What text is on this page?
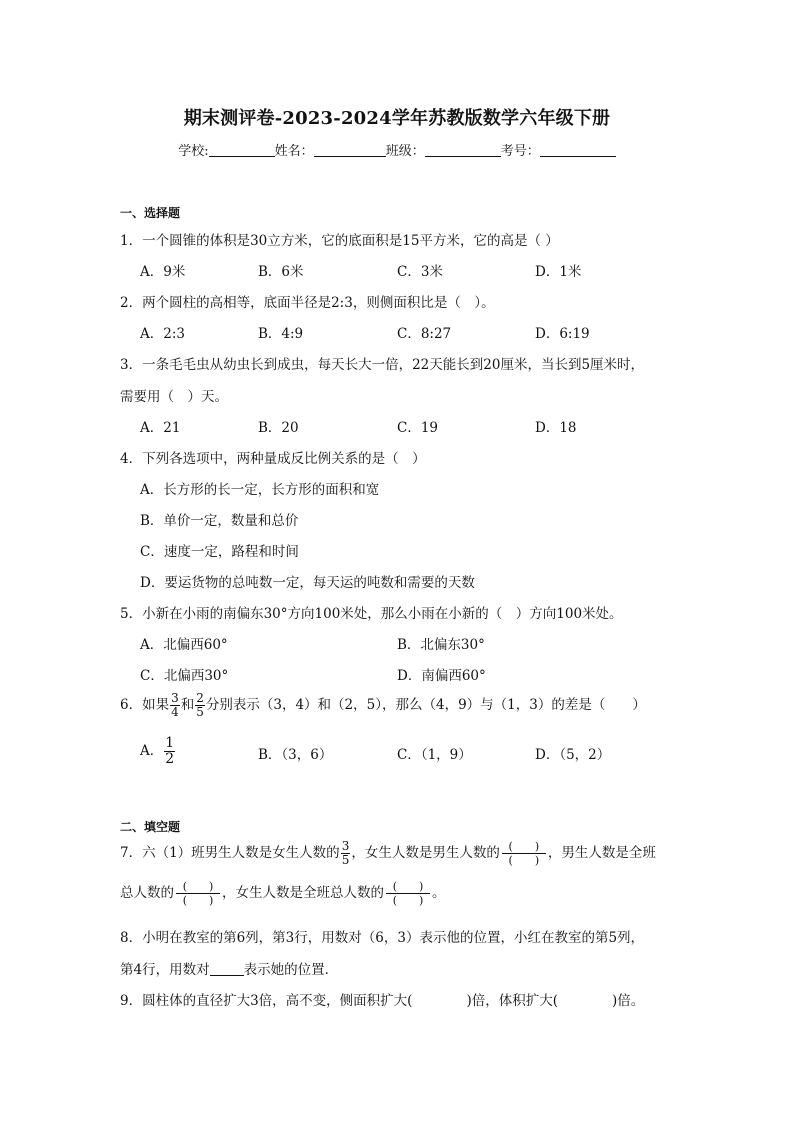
期末测评卷-2023-2024学年苏教版数学六年级下册
学校:	姓名：	班级：	考号：
一、选择题
1．一个圆锥的体积是30立方米，它的底面积是15平方米，它的高是（ ）
A．9米	B．6米	C．3米	D．1米
2．两个圆柱的高相等，底面半径是2:3，则侧面积比是（　）。
A．2:3	B．4:9	C．8:27	D．6:19
3．一条毛毛虫从幼虫长到成虫，每天长大一倍，22天能长到20厘米，当长到5厘米时，
需要用（　）天。
A．21	B．20	C．19	D．18
4．下列各选项中，两种量成反比例关系的是（　）
A．长方形的长一定，长方形的面积和宽
B．单价一定，数量和总价
C．速度一定，路程和时间
D．要运货物的总吨数一定，每天运的吨数和需要的天数
5．小新在小雨的南偏东30°方向100米处，那么小雨在小新的（　）方向100米处。
A．北偏西60°	B．北偏东30°
C．北偏西30°	D．南偏西60°
6．如果 $\frac{3}{4}$ 和 $\frac{2}{5}$ 分别表示（3，4）和（2，5），那么（4，9）与（1，3）的差是（　　）
A． $\frac{1}{2}$	B．（3，6）	C．（1，9）	D．（5，2）
二、填空题
7．六（1）班男生人数是女生人数的 $\frac{3}{5}$ ，女生人数是男生人数的 $\frac{( )}{( )}$ ，男生人数是全班
总人数的 $\frac{( )}{( )}$ ，女生人数是全班总人数的 $\frac{( )}{( )}$ 。
8．小明在教室的第6列，第3行，用数对（6，3）表示他的位置，小红在教室的第5列，
第4行，用数对	表示她的位置．
9．圆柱体的直径扩大3倍，高不变，侧面积扩大(　　　　)倍，体积扩大(　　　　)倍。
